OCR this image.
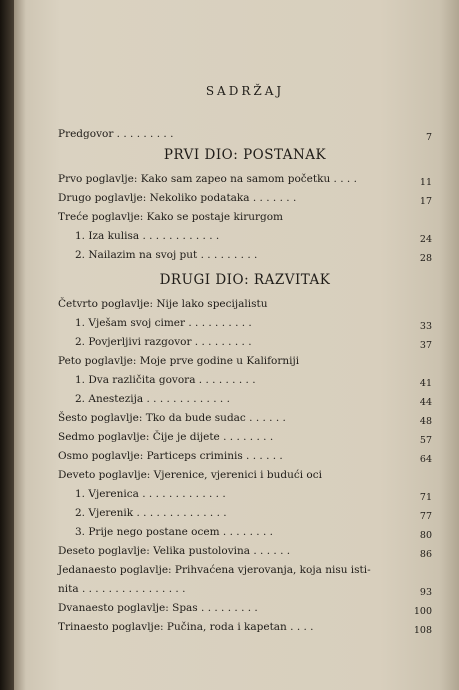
SADRŽAJ
Predgovor . . . . . . . . .	7
PRVI DIO: POSTANAK
Prvo poglavlje: Kako sam zapeo na samom početku . . . .	11
Drugo poglavlje: Nekoliko podataka . . . . . . .	17
Treće poglavlje: Kako se postaje kirurgom
1. Iza kulisa . . . . . . . . . . . .	24
2. Nailazim na svoj put . . . . . . . . .	28
DRUGI DIO: RAZVITAK
Četvrto poglavlje: Nije lako specijalistu
1. Vješam svoj cimer . . . . . . . . . .	33
2. Povjerljivi razgovor . . . . . . . . .	37
Peto poglavlje: Moje prve godine u Kaliforniji
1. Dva različita govora . . . . . . . . .	41
2. Anestezija . . . . . . . . . . . . .	44
Šesto poglavlje: Tko da bude sudac . . . . . .	48
Sedmo poglavlje: Čije je dijete . . . . . . . .	57
Osmo poglavlje: Particeps criminis . . . . . .	64
Deveto poglavlje: Vjerenice, vjerenici i budući oci
1. Vjerenica . . . . . . . . . . . . .	71
2. Vjerenik . . . . . . . . . . . . . .	77
3. Prije nego postane ocem . . . . . . . .	80
Deseto poglavlje: Velika pustolovina . . . . . .	86
Jedanaesto poglavlje: Prihvaćena vjerovanja, koja nisu isti-
nita . . . . . . . . . . . . . . . .	93
Dvanaesto poglavlje: Spas . . . . . . . . .	100
Trinaesto poglavlje: Pučina, roda i kapetan . . . .	108
